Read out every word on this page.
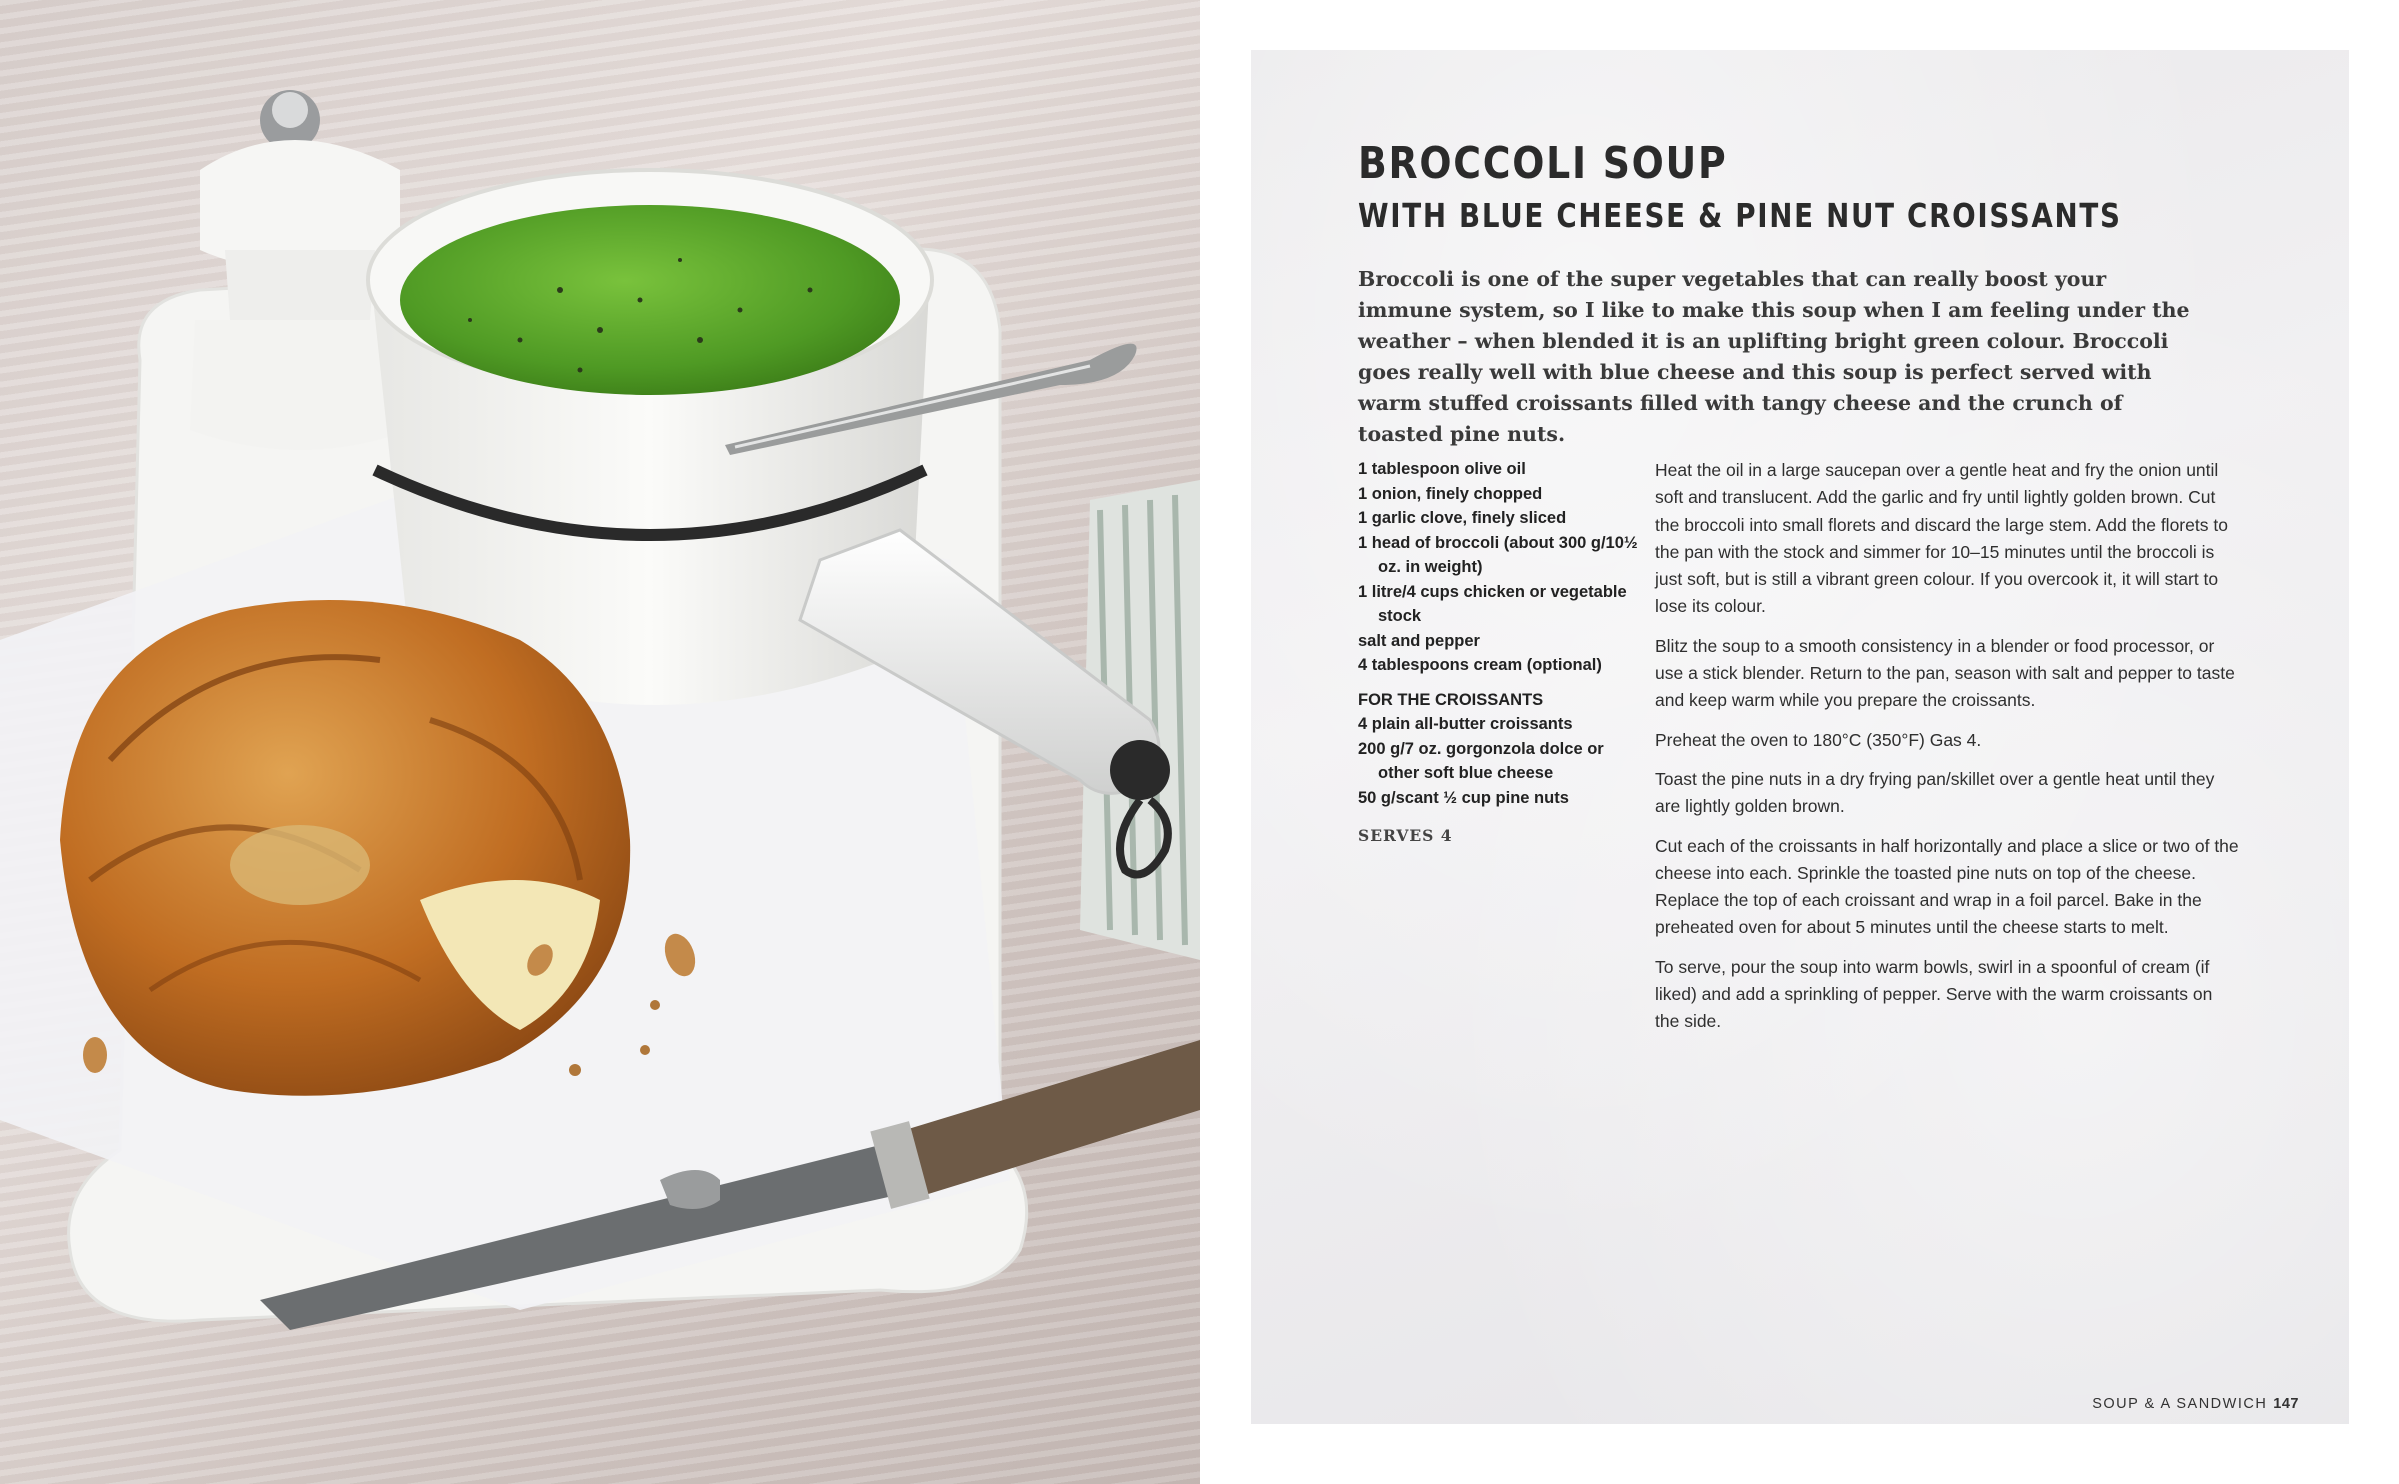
BROCCOLI SOUP
WITH BLUE CHEESE & PINE NUT CROISSANTS

Broccoli is one of the super vegetables that can really boost your immune system, so I like to make this soup when I am feeling under the weather – when blended it is an uplifting bright green colour. Broccoli goes really well with blue cheese and this soup is perfect served with warm stuffed croissants filled with tangy cheese and the crunch of toasted pine nuts.

1 tablespoon olive oil

1 onion, finely chopped

1 garlic clove, finely sliced

1 head of broccoli (about 300 g/10½ oz. in weight)

1 litre/4 cups chicken or vegetable stock

salt and pepper

4 tablespoons cream (optional)

FOR THE CROISSANTS

4 plain all-butter croissants

200 g/7 oz. gorgonzola dolce or other soft blue cheese

50 g/scant ½ cup pine nuts

SERVES 4

Heat the oil in a large saucepan over a gentle heat and fry the onion until soft and translucent. Add the garlic and fry until lightly golden brown. Cut the broccoli into small florets and discard the large stem. Add the florets to the pan with the stock and simmer for 10–15 minutes until the broccoli is just soft, but is still a vibrant green colour. If you overcook it, it will start to lose its colour.

Blitz the soup to a smooth consistency in a blender or food processor, or use a stick blender. Return to the pan, season with salt and pepper to taste and keep warm while you prepare the croissants.

Preheat the oven to 180°C (350°F) Gas 4.

Toast the pine nuts in a dry frying pan/skillet over a gentle heat until they are lightly golden brown.

Cut each of the croissants in half horizontally and place a slice or two of the cheese into each. Sprinkle the toasted pine nuts on top of the cheese. Replace the top of each croissant and wrap in a foil parcel. Bake in the preheated oven for about 5 minutes until the cheese starts to melt.

To serve, pour the soup into warm bowls, swirl in a spoonful of cream (if liked) and add a sprinkling of pepper. Serve with the warm croissants on the side.

SOUP & A SANDWICH 147
